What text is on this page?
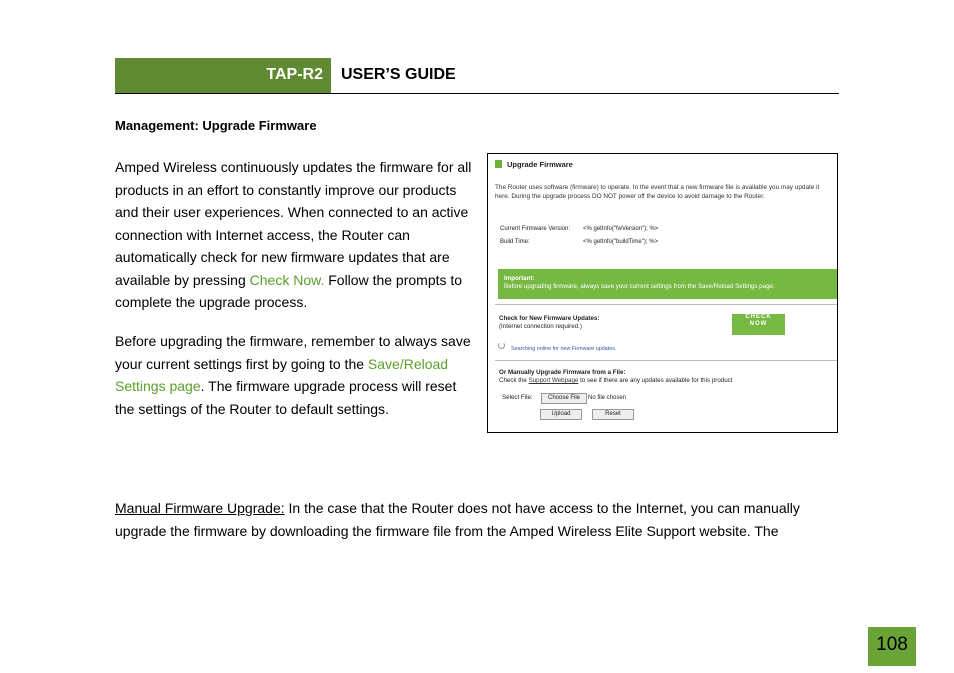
TAP-R2 USER’S GUIDE
Management: Upgrade Firmware
Amped Wireless continuously updates the firmware for all products in an effort to constantly improve our products and their user experiences. When connected to an active connection with Internet access, the Router can automatically check for new firmware updates that are available by pressing Check Now. Follow the prompts to complete the upgrade process.
Before upgrading the firmware, remember to always save your current settings first by going to the Save/Reload Settings page. The firmware upgrade process will reset the settings of the Router to default settings.
Upgrade Firmware
The Router uses software (firmware) to operate. In the event that a new firmware file is available you may update it here. During the upgrade process DO NOT power off the device to avoid damage to the Router.
Current Firmware Version: <% getInfo("fwVersion"); %>
Build Time:	<% getInfo("buildTime"); %>
Important:
Before upgrading firmware, always save your current settings from the Save/Reload Settings page.
Check for New Firmware Updates:
(Internet connection required.)
CHECK
NOW
Searching online for new Firmware updates.
Or Manually Upgrade Firmware from a File:
Check the Support Webpage to see if there are any updates available for this product
Select File:	Choose File	No file chosen
Upload	Reset
Manual Firmware Upgrade: In the case that the Router does not have access to the Internet, you can manually upgrade the firmware by downloading the firmware file from the Amped Wireless Elite Support website. The
108
